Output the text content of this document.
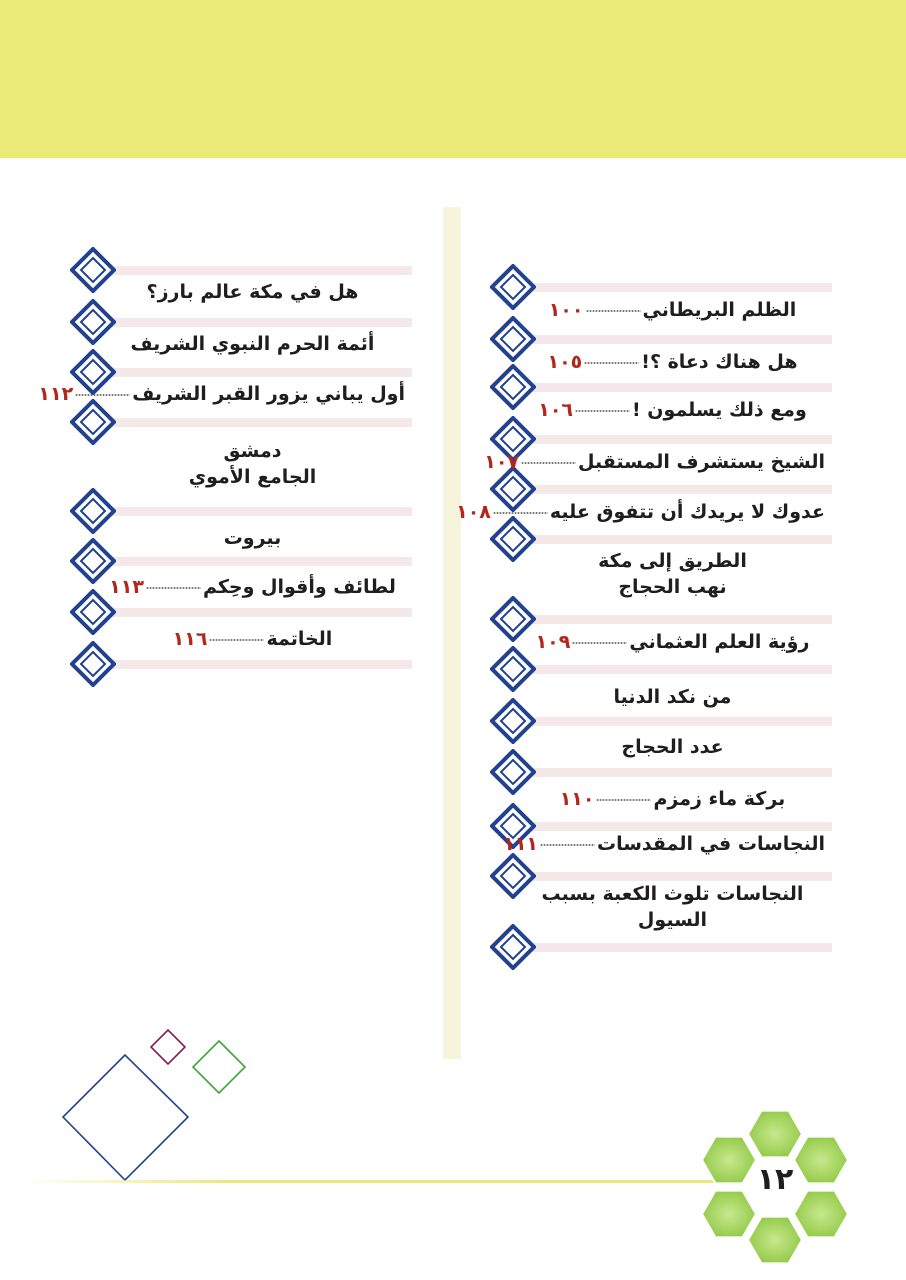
الظلم البريطاني١٠٠
هل هناك دعاة ؟!١٠٥
ومع ذلك يسلمون !١٠٦
الشيخ يستشرف المستقبل١٠٧
عدوك لا يريدك أن تتفوق عليه١٠٨
الطريق إلى مكة
نهب الحجاج
رؤية العلم العثماني١٠٩
من نكد الدنيا
عدد الحجاج
بركة ماء زمزم١١٠
النجاسات في المقدسات١١١
النجاسات تلوث الكعبة بسبب
السيول
هل في مكة عالم بارز؟
أئمة الحرم النبوي الشريف
أول يباني يزور القبر الشريف١١٢
دمشق
الجامع الأموي
بيروت
لطائف وأقوال وحِكم١١٣
الخاتمة١١٦
١٢
